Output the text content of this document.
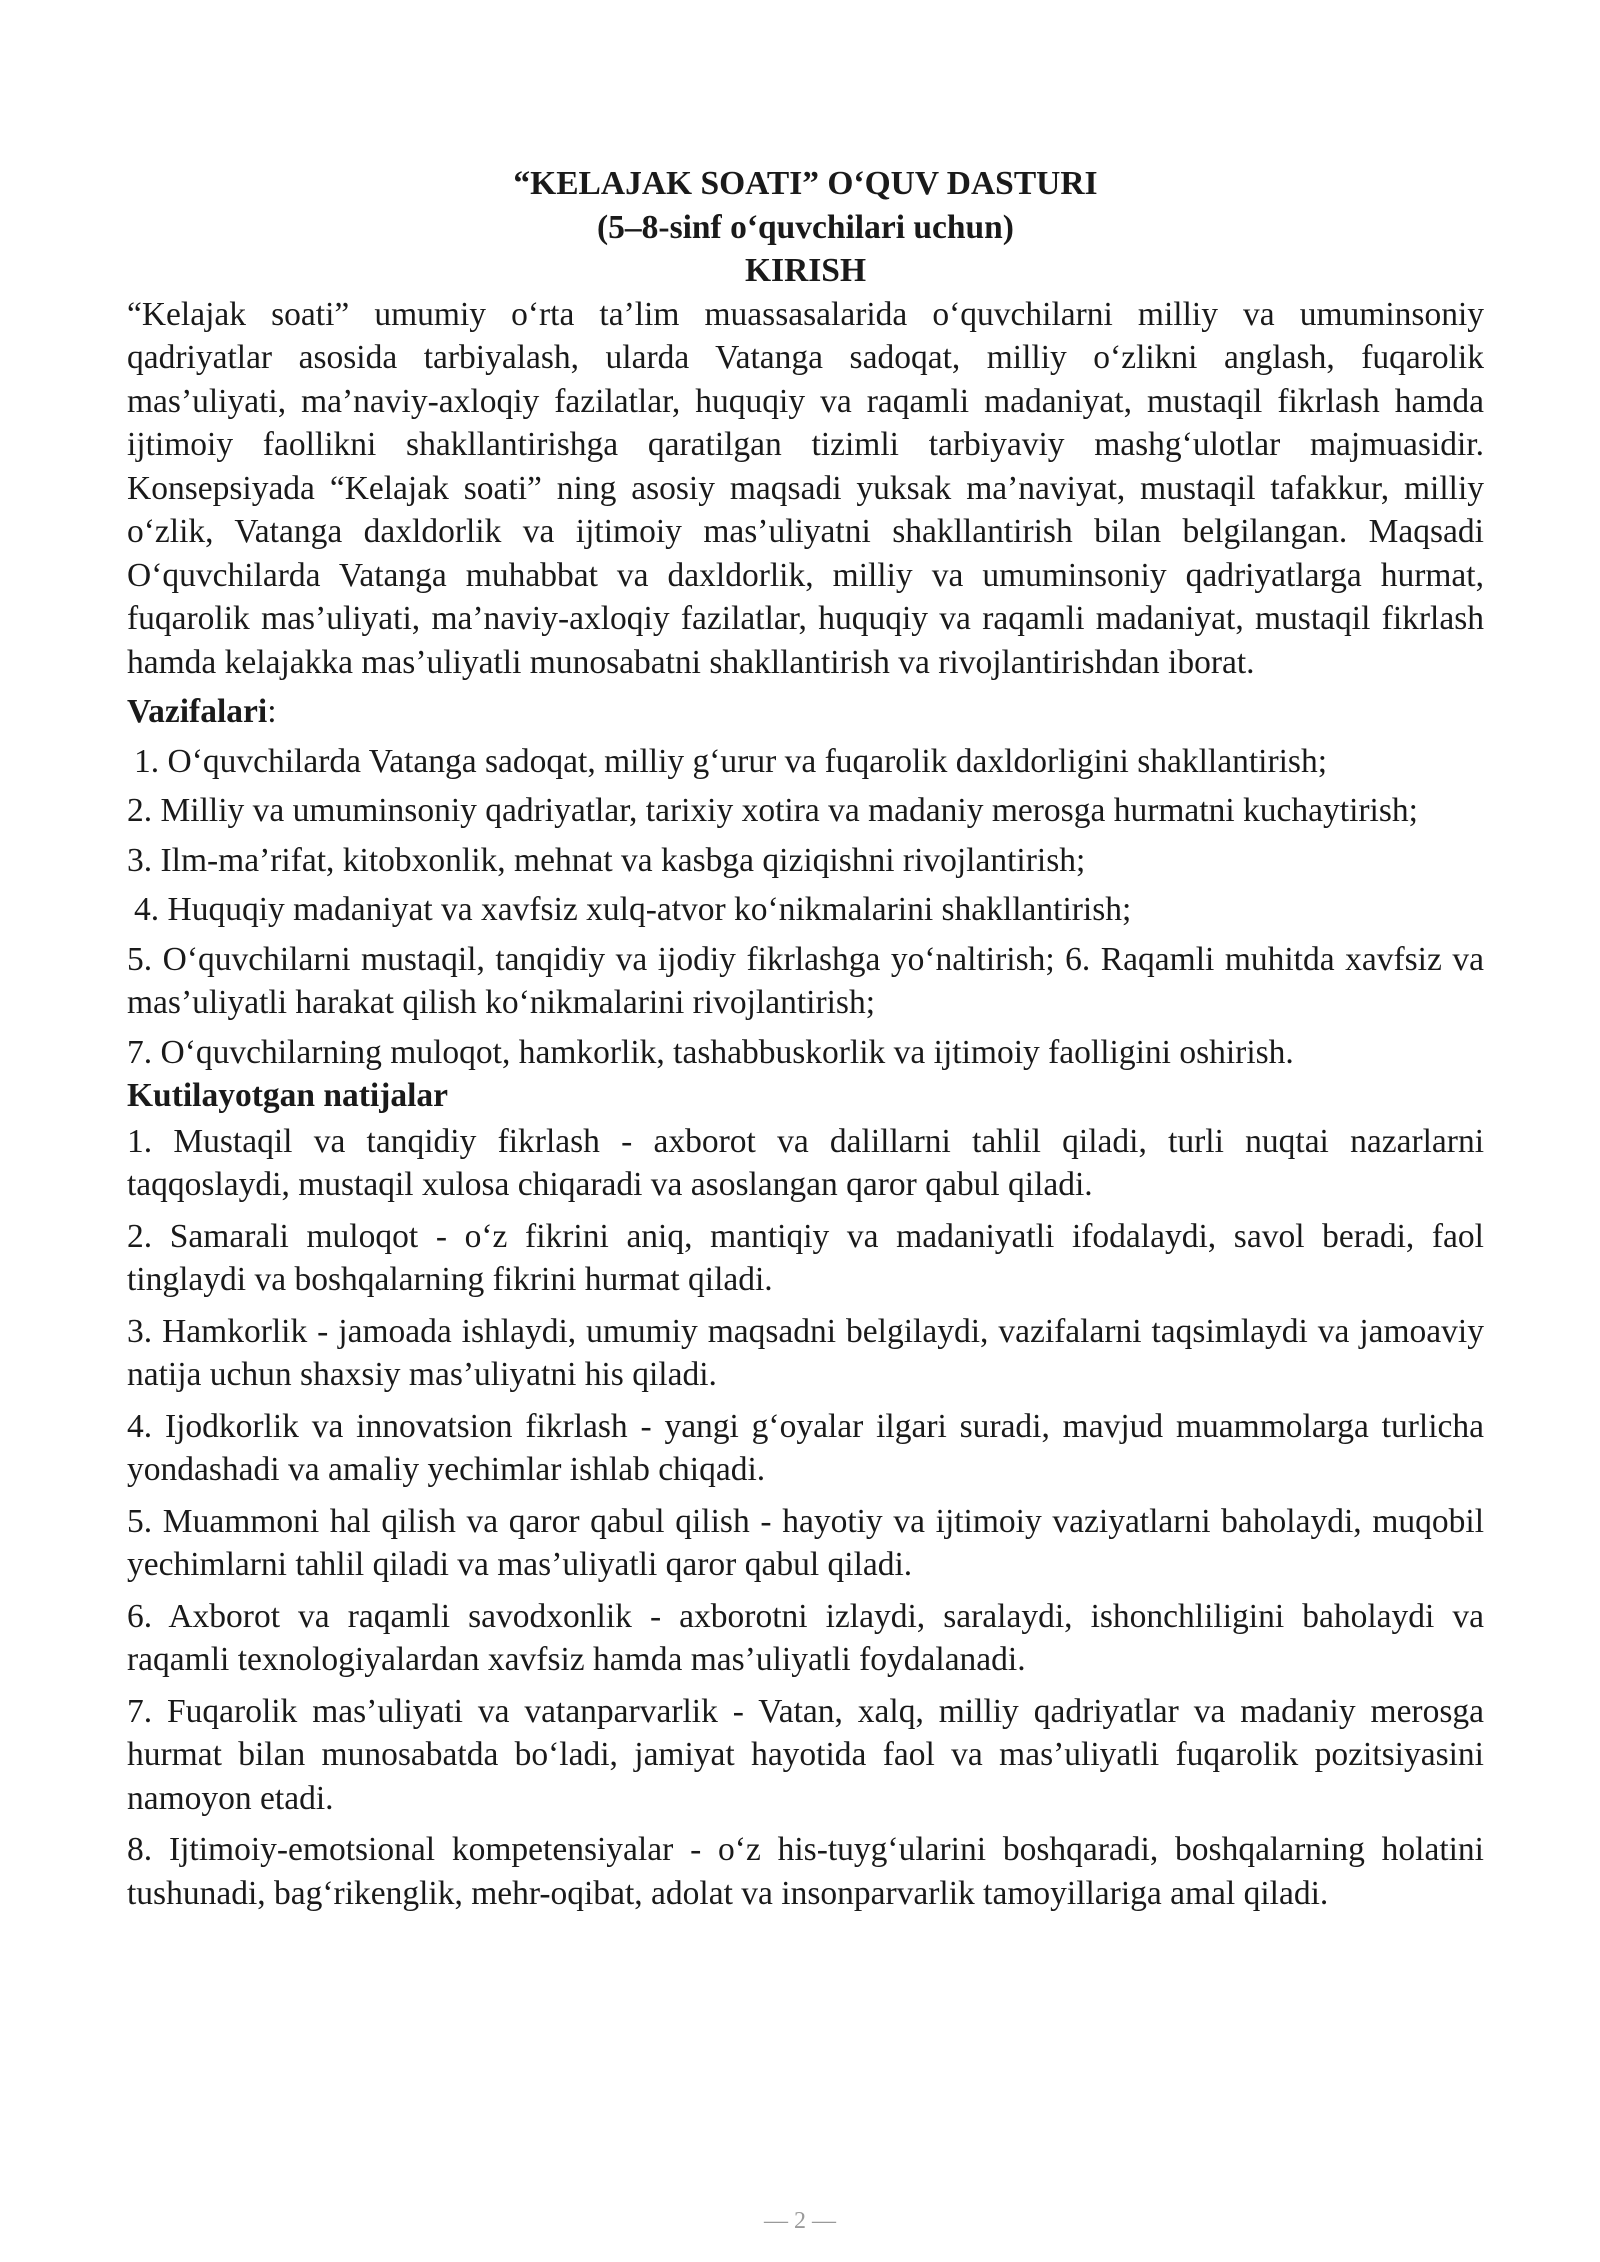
“KELAJAK SOATI” O‘QUV DASTURI
(5–8-sinf o‘quvchilari uchun)
KIRISH

“Kelajak soati” umumiy o‘rta ta’lim muassasalarida o‘quvchilarni milliy va umuminsoniy qadriyatlar asosida tarbiyalash, ularda Vatanga sadoqat, milliy o‘zlikni anglash, fuqarolik mas’uliyati, ma’naviy-axloqiy fazilatlar, huquqiy va raqamli madaniyat, mustaqil fikrlash hamda ijtimoiy faollikni shakllantirishga qaratilgan tizimli tarbiyaviy mashg‘ulotlar majmuasidir. Konsepsiyada “Kelajak soati” ning asosiy maqsadi yuksak ma’naviyat, mustaqil tafakkur, milliy o‘zlik, Vatanga daxldorlik va ijtimoiy mas’uliyatni shakllantirish bilan belgilangan. Maqsadi O‘quvchilarda Vatanga muhabbat va daxldorlik, milliy va umuminsoniy qadriyatlarga hurmat, fuqarolik mas’uliyati, ma’naviy-axloqiy fazilatlar, huquqiy va raqamli madaniyat, mustaqil fikrlash hamda kelajakka mas’uliyatli munosabatni shakllantirish va rivojlantirishdan iborat.

Vazifalari:

1. O‘quvchilarda Vatanga sadoqat, milliy g‘urur va fuqarolik daxldorligini shakllantirish;

2. Milliy va umuminsoniy qadriyatlar, tarixiy xotira va madaniy merosga hurmatni kuchaytirish;

3. Ilm-ma’rifat, kitobxonlik, mehnat va kasbga qiziqishni rivojlantirish;

4. Huquqiy madaniyat va xavfsiz xulq-atvor ko‘nikmalarini shakllantirish;

5. O‘quvchilarni mustaqil, tanqidiy va ijodiy fikrlashga yo‘naltirish; 6. Raqamli muhitda xavfsiz va mas’uliyatli harakat qilish ko‘nikmalarini rivojlantirish;

7. O‘quvchilarning muloqot, hamkorlik, tashabbuskorlik va ijtimoiy faolligini oshirish.

Kutilayotgan natijalar

1. Mustaqil va tanqidiy fikrlash - axborot va dalillarni tahlil qiladi, turli nuqtai nazarlarni taqqoslaydi, mustaqil xulosa chiqaradi va asoslangan qaror qabul qiladi.

2. Samarali muloqot - o‘z fikrini aniq, mantiqiy va madaniyatli ifodalaydi, savol beradi, faol tinglaydi va boshqalarning fikrini hurmat qiladi.

3. Hamkorlik - jamoada ishlaydi, umumiy maqsadni belgilaydi, vazifalarni taqsimlaydi va jamoaviy natija uchun shaxsiy mas’uliyatni his qiladi.

4. Ijodkorlik va innovatsion fikrlash - yangi g‘oyalar ilgari suradi, mavjud muammolarga turlicha yondashadi va amaliy yechimlar ishlab chiqadi.

5. Muammoni hal qilish va qaror qabul qilish - hayotiy va ijtimoiy vaziyatlarni baholaydi, muqobil yechimlarni tahlil qiladi va mas’uliyatli qaror qabul qiladi.

6. Axborot va raqamli savodxonlik - axborotni izlaydi, saralaydi, ishonchliligini baholaydi va raqamli texnologiyalardan xavfsiz hamda mas’uliyatli foydalanadi.

7. Fuqarolik mas’uliyati va vatanparvarlik - Vatan, xalq, milliy qadriyatlar va madaniy merosga hurmat bilan munosabatda bo‘ladi, jamiyat hayotida faol va mas’uliyatli fuqarolik pozitsiyasini namoyon etadi.

8. Ijtimoiy-emotsional kompetensiyalar - o‘z his-tuyg‘ularini boshqaradi, boshqalarning holatini tushunadi, bag‘rikenglik, mehr-oqibat, adolat va insonparvarlik tamoyillariga amal qiladi.

— 2 —
